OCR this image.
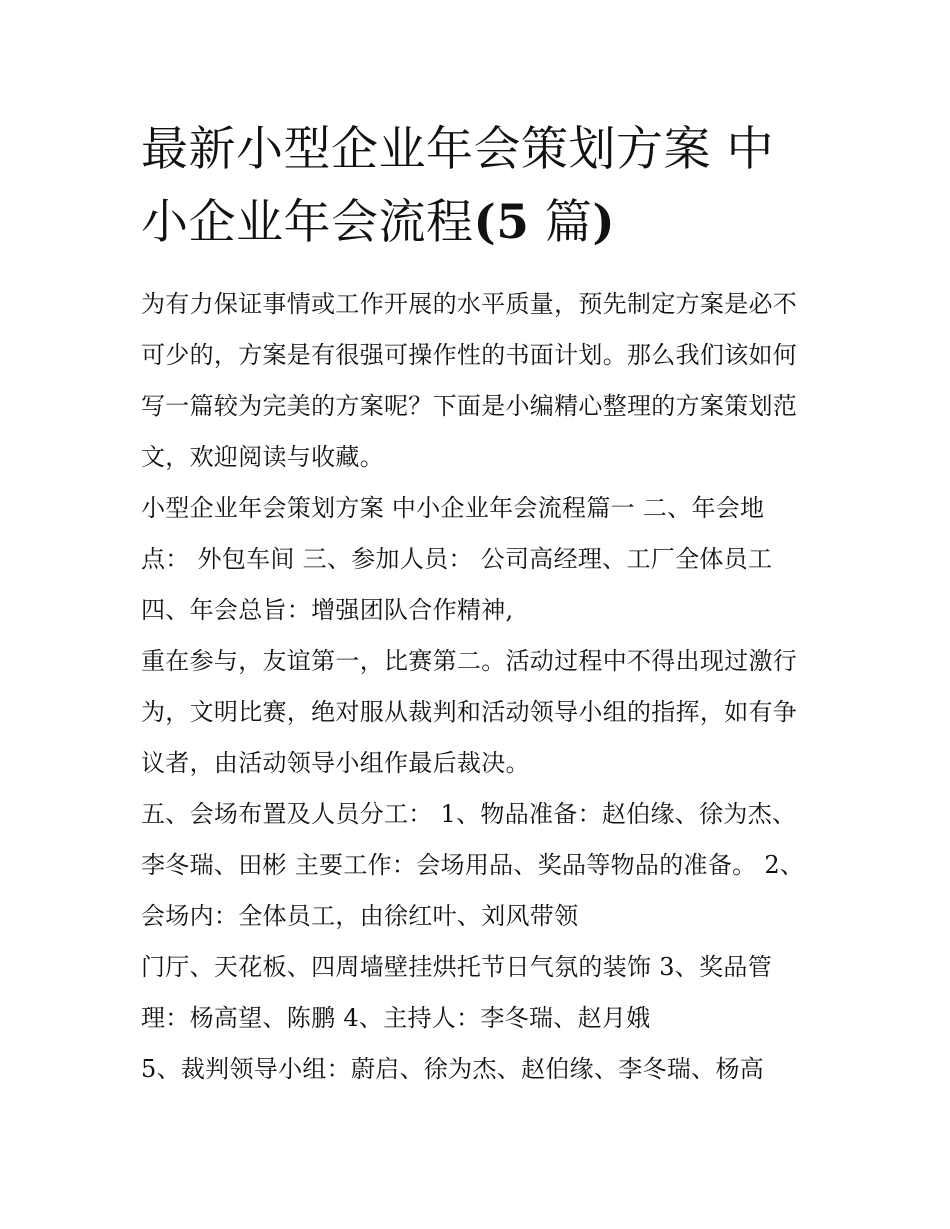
最新小型企业年会策划方案 中
小企业年会流程(5 篇)

为有力保证事情或工作开展的水平质量，预先制定方案是必不
可少的，方案是有很强可操作性的书面计划。那么我们该如何
写一篇较为完美的方案呢？下面是小编精心整理的方案策划范
文，欢迎阅读与收藏。

小型企业年会策划方案 中小企业年会流程篇一 二、年会地
点： 外包车间 三、参加人员： 公司高经理、工厂全体员工
四、年会总旨：增强团队合作精神,

重在参与，友谊第一，比赛第二。活动过程中不得出现过激行
为，文明比赛，绝对服从裁判和活动领导小组的指挥，如有争
议者，由活动领导小组作最后裁决。

五、会场布置及人员分工： 1、物品准备：赵伯缘、徐为杰、
李冬瑞、田彬 主要工作：会场用品、奖品等物品的准备。 2、
会场内：全体员工，由徐红叶、刘风带领

门厅、天花板、四周墙壁挂烘托节日气氛的装饰 3、奖品管
理：杨高望、陈鹏 4、主持人：李冬瑞、赵月娥

5、裁判领导小组：蔚启、徐为杰、赵伯缘、李冬瑞、杨高
